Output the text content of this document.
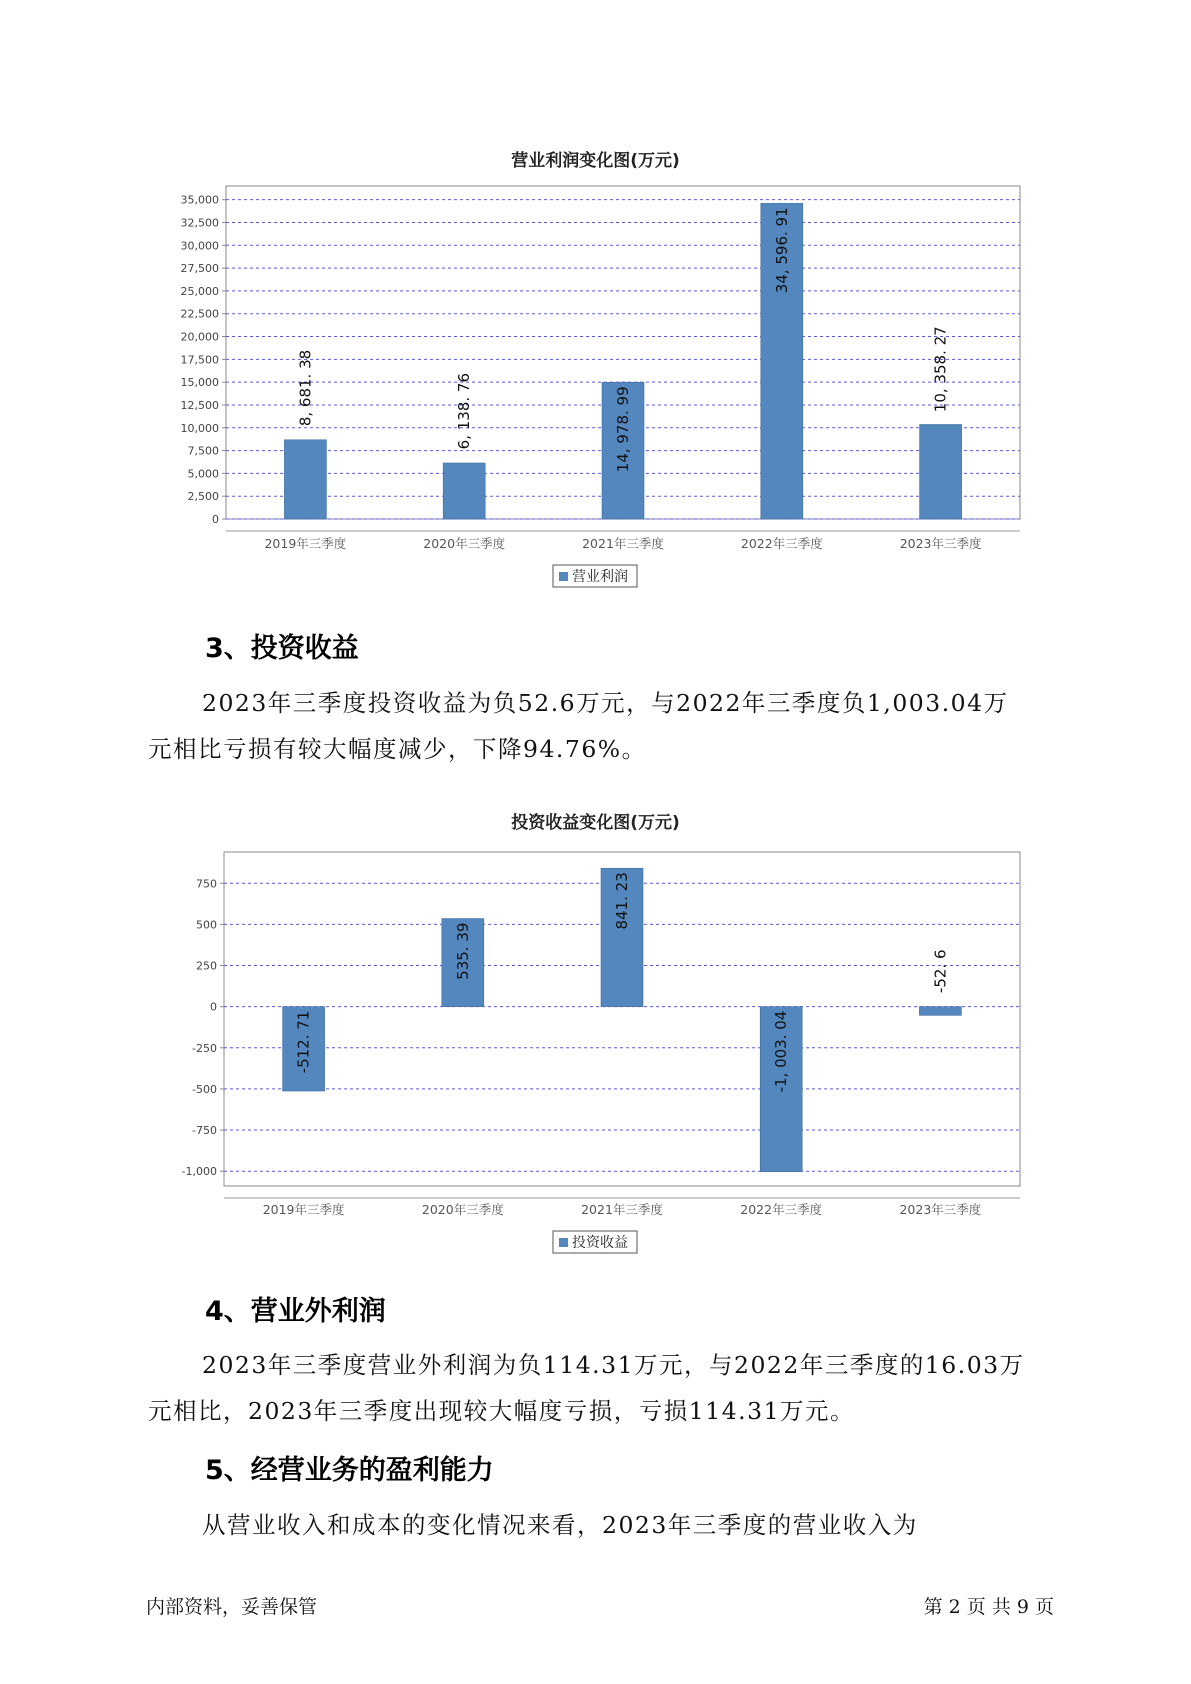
营业利润变化图(万元)
0
2,500
5,000
7,500
10,000
12,500
15,000
17,500
20,000
22,500
25,000
27,500
30,000
32,500
35,000
2019年三季度
8, 681. 38
2020年三季度
6, 138. 76
2021年三季度
14, 978. 99
2022年三季度
34, 596. 91
2023年三季度
10, 358. 27
营业利润
3、投资收益

2023年三季度投资收益为负52.6万元，与2022年三季度负1,003.04万
元相比亏损有较大幅度减少，下降94.76%。

投资收益变化图(万元)
-1,000
-750
-500
-250
0
250
500
750
2019年三季度
-512. 71
2020年三季度
535. 39
2021年三季度
841. 23
2022年三季度
-1, 003. 04
2023年三季度
-52. 6
投资收益
4、营业外利润

2023年三季度营业外利润为负114.31万元，与2022年三季度的16.03万
元相比，2023年三季度出现较大幅度亏损，亏损114.31万元。

5、经营业务的盈利能力

从营业收入和成本的变化情况来看，2023年三季度的营业收入为

内部资料，妥善保管	第 2 页 共 9 页
